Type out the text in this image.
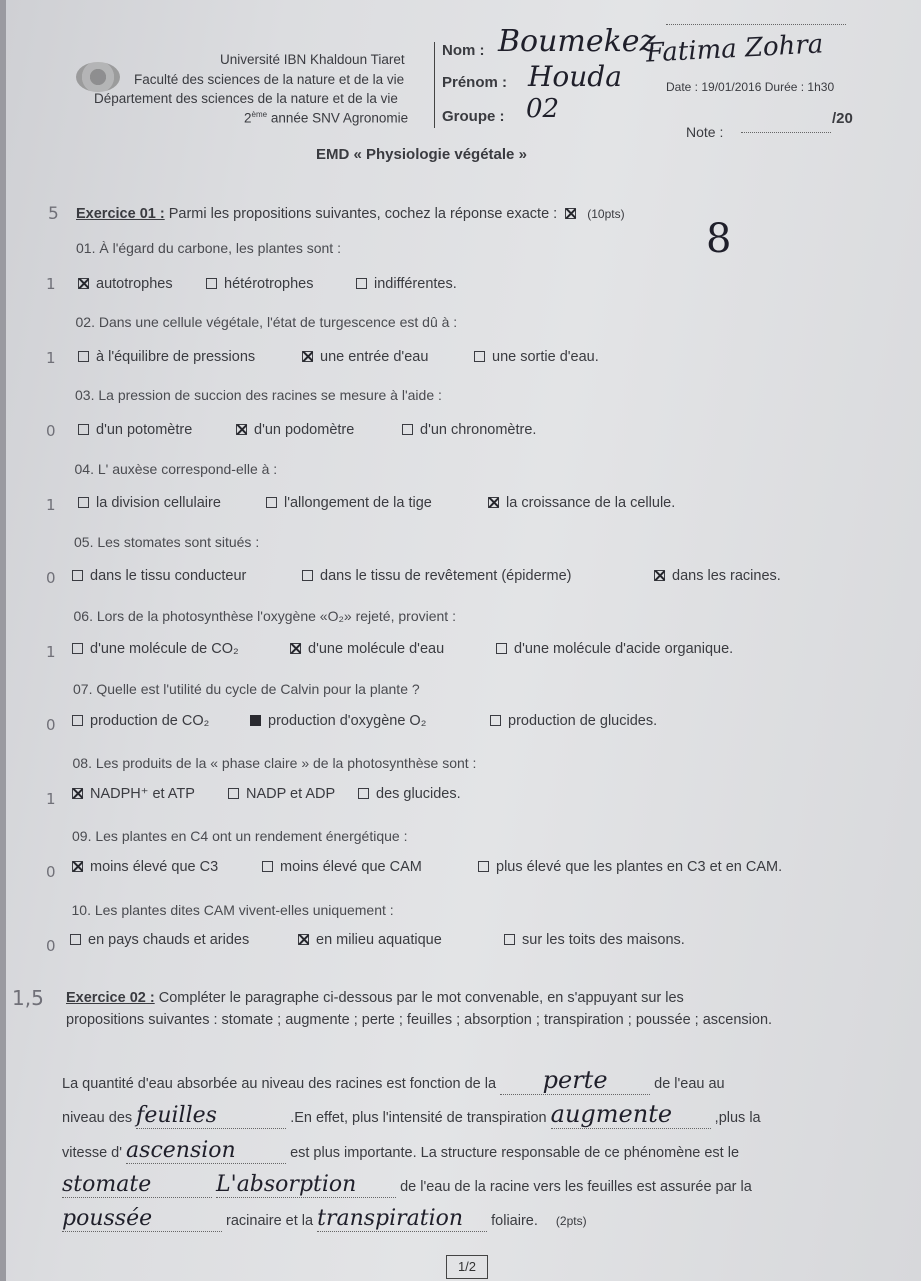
Université IBN Khaldoun Tiaret
Faculté des sciences de la nature et de la vie
Département des sciences de la nature et de la vie
2ème année SNV Agronomie
Nom : Boumekez
Fatima Zohra
Prénom : Houda
Groupe : 02
Date : 19/01/2016 Durée : 1h30
Note :
/20
EMD « Physiologie végétale »
5 Exercice 01 : Parmi les propositions suivantes, cochez la réponse exacte :	(10pts)
8
1,5 Exercice 02 : Compléter le paragraphe ci-dessous par le mot convenable, en s'appuyant sur les
propositions suivantes : stomate ; augmente ; perte ; feuilles ; absorption ; transpiration ; poussée ; ascension.
La quantité d'eau absorbée au niveau des racines est fonction de la perte	de l'eau au
niveau des feuilles	.En effet, plus l'intensité de transpiration augmente	,plus la
vitesse d' ascension	est plus importante. La structure responsable de ce phénomène est le
stomate	L'absorption	de l'eau de la racine vers les feuilles est assurée par la
poussée	racinaire et la transpiration foliaire. (2pts)
1/2
01. À l'égard du carbone, les plantes sont :
1	autotrophes	hétérotrophes	indifférentes.
02. Dans une cellule végétale, l'état de turgescence est dû à :
1	à l'équilibre de pressions	une entrée d'eau	une sortie d'eau.
03. La pression de succion des racines se mesure à l'aide :
0	d'un potomètre	d'un podomètre	d'un chronomètre.
04. L' auxèse correspond-elle à :
1	la division cellulaire	l'allongement de la tige	la croissance de la cellule.
05. Les stomates sont situés :
0	dans le tissu conducteur	dans le tissu de revêtement (épiderme)	dans les racines.
06. Lors de la photosynthèse l'oxygène «O₂» rejeté, provient :
1	d'une molécule de CO₂	d'une molécule d'eau	d'une molécule d'acide organique.
07. Quelle est l'utilité du cycle de Calvin pour la plante ?
0	production de CO₂	production d'oxygène O₂	production de glucides.
08. Les produits de la « phase claire » de la photosynthèse sont :
1	NADPH⁺ et ATP	NADP et ADP	des glucides.
09. Les plantes en C4 ont un rendement énergétique :
0	moins élevé que C3	moins élevé que CAM	plus élevé que les plantes en C3 et en CAM.
10. Les plantes dites CAM vivent-elles uniquement :
0	en pays chauds et arides	en milieu aquatique	sur les toits des maisons.
